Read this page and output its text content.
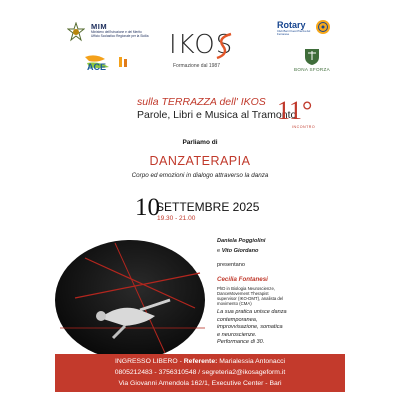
MIM
Ministero dell'Istruzione e del Merito
Ufficio Scolastico Regionale per la Sicilia
ACE
IKOS
Formazione dal 1987
Rotary
Club Bari Ovest Piazza del Ferrarese
BONA SFORZA
sulla TERRAZZA dell' IKOS
Parole, Libri e Musica al Tramonto
11°
INCONTRO
Parliamo di
DANZATERAPIA
Corpo ed emozioni in dialogo attraverso la danza
10
SETTEMBRE 2025
19.30 - 21.00
Daniela Poggiolini
e Vito Giordano
presentano
Cecilia Fontanesi
PhD in Biologia Neuroscienze,
DanceMovement Therapist
supervisor (IKO-DMT), analista del
movimento (CMA)
La sua pratica unisce danza
contemporanea,
improvvisazione, somatica
e neuroscienze.
Performance di 30.
INGRESSO LIBERO - Referente: Marialessia Antonacci
0805212483 - 3756310548 / segreteria2@ikosageform.it
Via Giovanni Amendola 162/1, Executive Center - Bari
